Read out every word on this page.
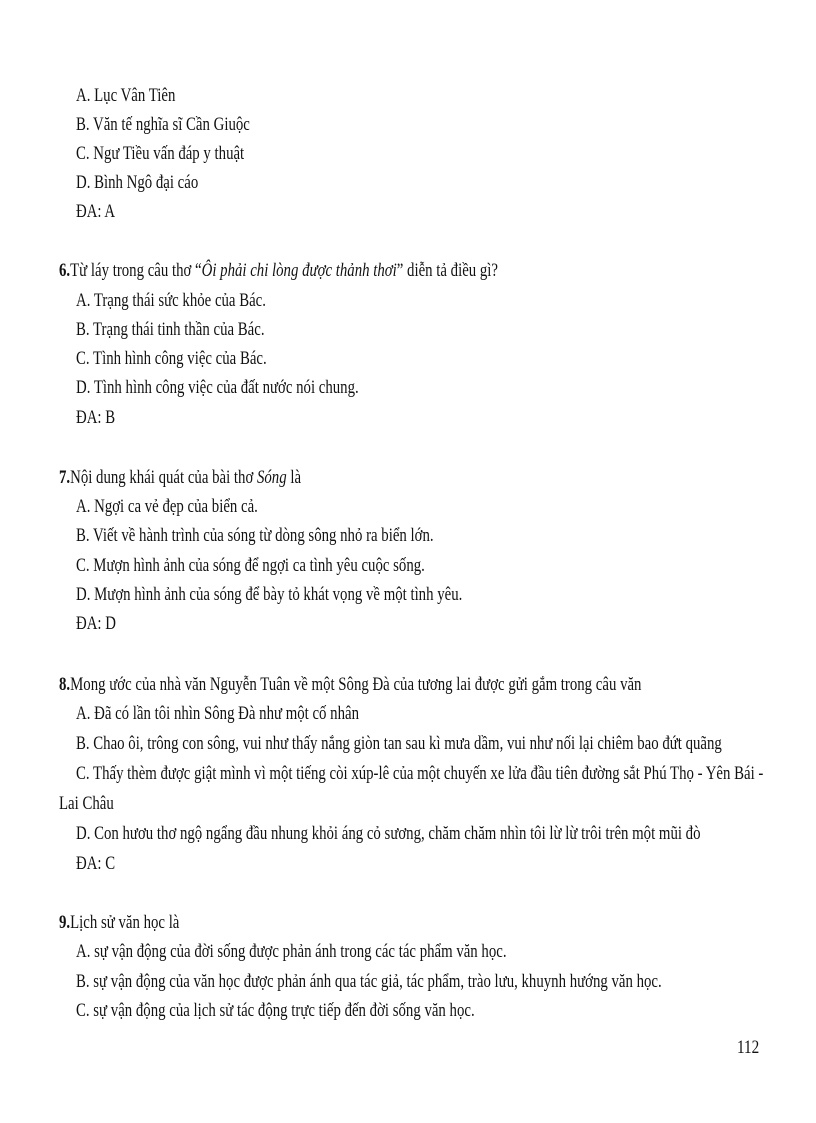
A. Lục Vân Tiên
B. Văn tế nghĩa sĩ Cần Giuộc
C. Ngư Tiều vấn đáp y thuật
D. Bình Ngô đại cáo
ĐA: A
6.Từ láy trong câu thơ “Ôi phải chi lòng được thảnh thơi” diễn tả điều gì?
A. Trạng thái sức khỏe của Bác.
B. Trạng thái tinh thần của Bác.
C. Tình hình công việc của Bác.
D. Tình hình công việc của đất nước nói chung.
ĐA: B
7.Nội dung khái quát của bài thơ Sóng là
A. Ngợi ca vẻ đẹp của biển cả.
B. Viết về hành trình của sóng từ dòng sông nhỏ ra biển lớn.
C. Mượn hình ảnh của sóng để ngợi ca tình yêu cuộc sống.
D. Mượn hình ảnh của sóng để bày tỏ khát vọng về một tình yêu.
ĐA: D
8.Mong ước của nhà văn Nguyễn Tuân về một Sông Đà của tương lai được gửi gắm trong câu văn
A. Đã có lần tôi nhìn Sông Đà như một cố nhân
B. Chao ôi, trông con sông, vui như thấy nắng giòn tan sau kì mưa dầm, vui như nối lại chiêm bao đứt quãng
C. Thấy thèm được giật mình vì một tiếng còi xúp-lê của một chuyến xe lửa đầu tiên đường sắt Phú Thọ - Yên Bái -
Lai Châu
D. Con hươu thơ ngộ ngẩng đầu nhung khỏi áng cỏ sương, chăm chăm nhìn tôi lừ lừ trôi trên một mũi đò
ĐA: C
9.Lịch sử văn học là
A. sự vận động của đời sống được phản ánh trong các tác phẩm văn học.
B. sự vận động của văn học được phản ánh qua tác giả, tác phẩm, trào lưu, khuynh hướng văn học.
C. sự vận động của lịch sử tác động trực tiếp đến đời sống văn học.
112
